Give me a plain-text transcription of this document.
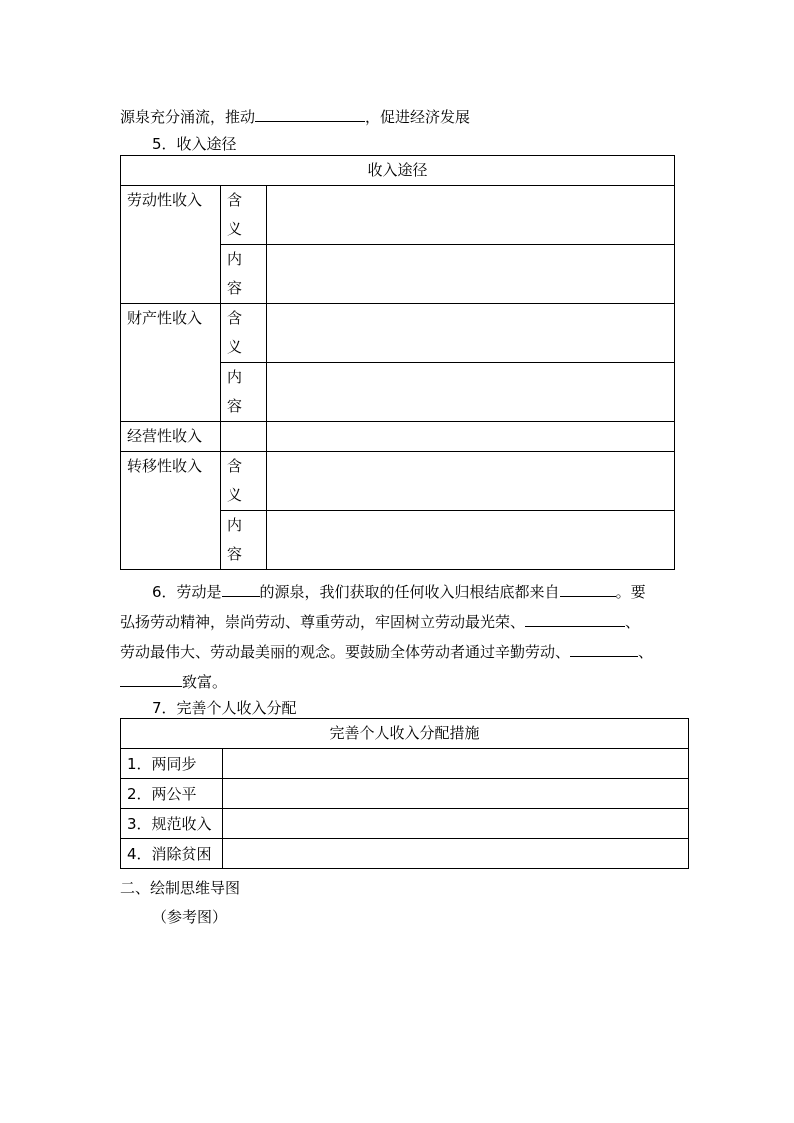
源泉充分涌流，推动	，促进经济发展
5．收入途径
收入途径		
劳动性收入	含
义	

	内
容	

财产性收入	含
义	

	内
容	

经营性收入		
转移性收入	含
义	

	内
容	

6．劳动是	的源泉，我们获取的任何收入归根结底都来自	。要
弘扬劳动精神，崇尚劳动、尊重劳动，牢固树立劳动最光荣、	、
劳动最伟大、劳动最美丽的观念。要鼓励全体劳动者通过辛勤劳动、	、
致富。
7．完善个人收入分配
完善个人收入分配措施	
1．两同步	
2．两公平	
3．规范收入	
4．消除贫困	
二、绘制思维导图
（参考图）
